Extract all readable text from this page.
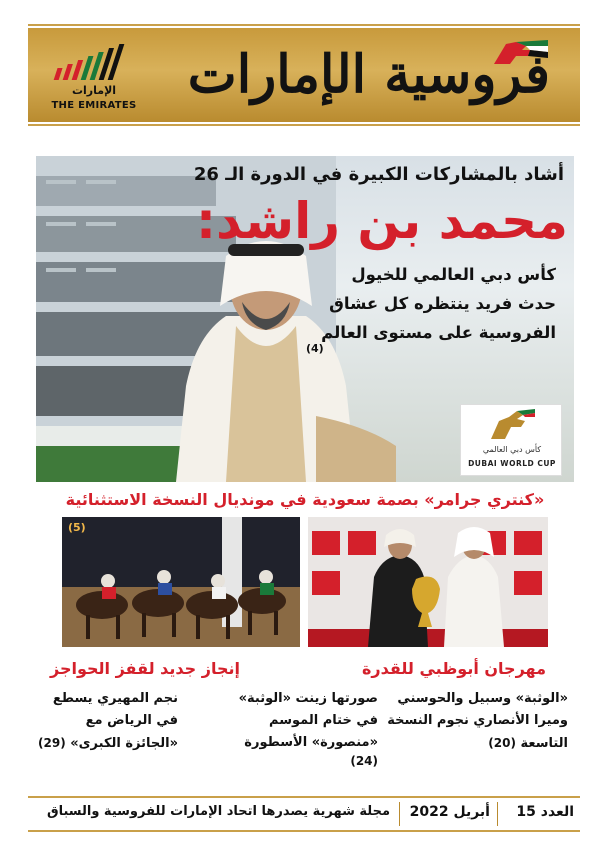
الإمارات
THE EMIRATES
فروسية الإمارات
أشاد بالمشاركات الكبيرة في الدورة الـ 26
محمد بن راشد:
كأس دبي العالمي للخيول
حدث فريد ينتظره كل عشاق
الفروسية على مستوى العالم
(4)
كأس دبي العالمي
DUBAI WORLD CUP
«كنتري جرامر» بصمة سعودية في مونديال النسخة الاستثنائية
(5)
مهرجان أبوظبي للقدرة
إنجاز جديد لقفز الحواجز
«الوثبة» وسبيل والحوسني
وميرا الأنصاري نجوم النسخة
التاسعة (20)
صورتها زينت «الوثبة»
في ختام الموسم
«منصورة» الأسطورة
(24)
نجم المهيري يسطع
في الرياض مع
«الجائزة الكبرى» (29)
العدد 15
أبريل 2022
مجلة شهرية يصدرها اتحاد الإمارات للفروسية والسباق
